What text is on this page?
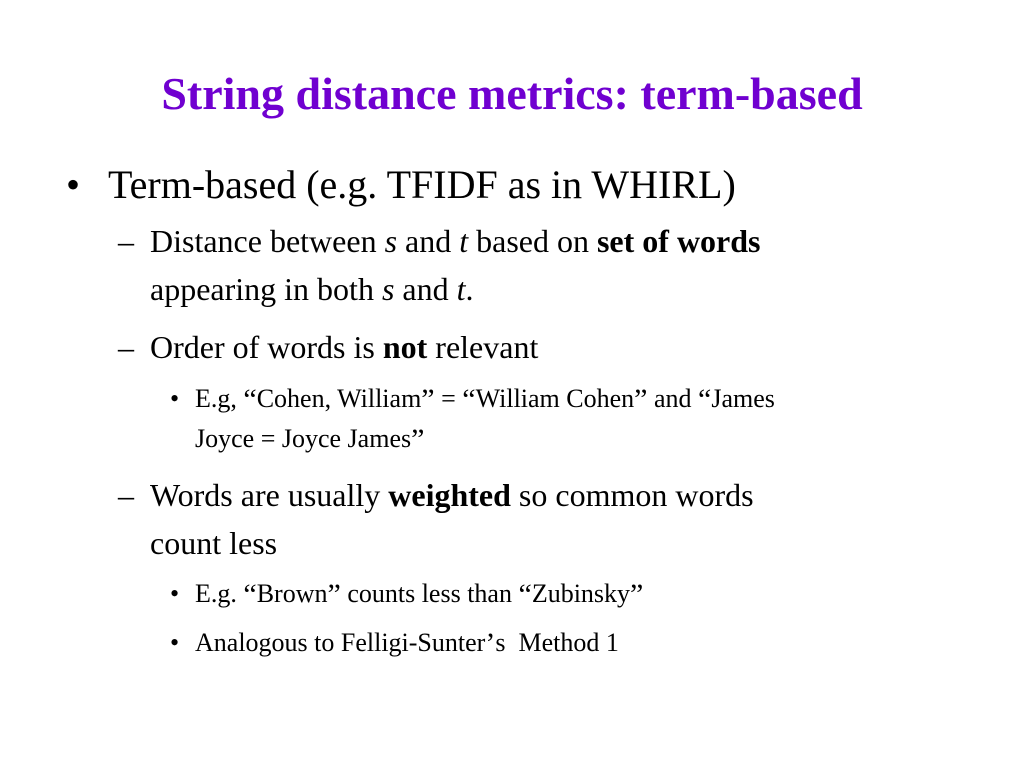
String distance metrics: term-based
• Term-based (e.g. TFIDF as in WHIRL)
– Distance between s and t based on set of words
appearing in both s and t.
– Order of words is not relevant
• E.g, “Cohen, William” = “William Cohen” and “James
Joyce = Joyce James”
– Words are usually weighted so common words
count less
• E.g. “Brown” counts less than “Zubinsky”
• Analogous to Felligi-Sunter’s  Method 1
